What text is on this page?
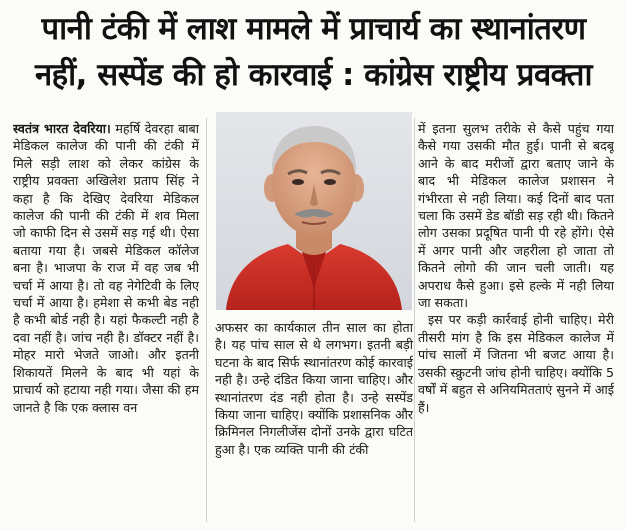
पानी टंकी में लाश मामले में प्राचार्य का स्थानांतरण
नहीं, सस्पेंड की हो कारवाई : कांग्रेस राष्ट्रीय प्रवक्ता

स्वतंत्र भारत देवरिया। महर्षि देवरहा बाबा मेडिकल कालेज की पानी की टंकी में मिले सड़ी लाश को लेकर कांग्रेस के राष्ट्रीय प्रवक्ता अखिलेश प्रताप सिंह ने कहा है कि देखिए देवरिया मेडिकल कालेज की पानी की टंकी में शव मिला जो काफी दिन से उसमें सड़ गई थी। ऐसा बताया गया है। जबसे मेडिकल कॉलेज बना है। भाजपा के राज में वह जब भी चर्चा में आया है। तो वह नेगेटिवी के लिए चर्चा में आया है। हमेशा से कभी बेड नही है कभी बोर्ड नही है। यहां फैकल्टी नही है दवा नहीं है। जांच नही है। डॉक्टर नहीं है। मोहर मारो भेजते जाओ। और इतनी शिकायतें मिलने के बाद भी यहां के प्राचार्य को हटाया नही गया। जैसा की हम जानते है कि एक क्लास वन

अफसर का कार्यकाल तीन साल का होता है। यह पांच साल से थे लगभग। इतनी बड़ी घटना के बाद सिर्फ स्थानांतरण कोई कारवाई नही है। उन्हे दंडित किया जाना चाहिए। और स्थानांतरण दंड नही होता है। उन्हे सस्पेंड किया जाना चाहिए। क्योंकि प्रशासनिक और क्रिमिनल निगलीजेंस दोनों उनके द्वारा घटित हुआ है। एक व्यक्ति पानी की टंकी

में इतना सुलभ तरीके से कैसे पहुंच गया कैसे गया उसकी मौत हुई। पानी से बदबू आने के बाद मरीजों द्वारा बताए जाने के बाद भी मेडिकल कालेज प्रशासन ने गंभीरता से नही लिया। कई दिनों बाद पता चला कि उसमें डेड बॉडी सड़ रही थी। कितने लोग उसका प्रदूषित पानी पी रहे होंगे। ऐसे में अगर पानी और जहरीला हो जाता तो कितने लोगो की जान चली जाती। यह अपराध कैसे हुआ। इसे हल्के में नही लिया जा सकता।

इस पर कड़ी कार्रवाई होनी चाहिए। मेरी तीसरी मांग है कि इस मेडिकल कालेज में पांच सालों में जितना भी बजट आया है। उसकी स्क्रुटनी जांच होनी चाहिए। क्योंकि 5 वर्षों में बहुत से अनियमितताएं सुनने में आई हैं।
